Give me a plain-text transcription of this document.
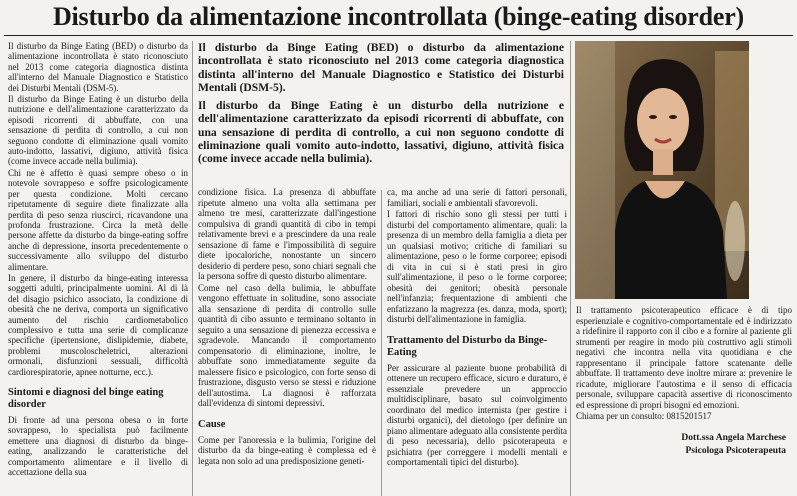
Disturbo da alimentazione incontrollata (binge-eating disorder)

Il disturbo da Binge Eating (BED) o disturbo da alimentazione incontrollata è stato riconosciuto nel 2013 come categoria diagnostica distinta all'interno del Manuale Diagnostico e Statistico dei Disturbi Mentali (DSM-5).

Il disturbo da Binge Eating è un disturbo della nutrizione e dell'alimentazione caratterizzato da episodi ricorrenti di abbuffate, con una sensazione di perdita di controllo, a cui non seguono condotte di eliminazione quali vomito auto-indotto, lassativi, digiuno, attività fisica (come invece accade nella bulimia).

Chi ne è affetto è quasi sempre obeso o in notevole sovrappeso e soffre psicologicamente per questa condizione. Molti cercano ripetutamente di seguire diete finalizzate alla perdita di peso senza riuscirci, ricavandone una profonda frustrazione. Circa la metà delle persone affette da disturbo da binge-eating soffre anche di depressione, insorta precedentemente o successivamente allo sviluppo del disturbo alimentare.

In genere, il disturbo da binge-eating interessa soggetti adulti, principalmente uomini. Al di là del disagio psichico associato, la condizione di obesità che ne deriva, comporta un significativo aumento del rischio cardiometabolico complessivo e tutta una serie di complicanze specifiche (ipertensione, dislipidemie, diabete, problemi muscoloscheletrici, alterazioni ormonali, disfunzioni sessuali, difficoltà cardiorespiratorie, apnee notturne, ecc.).

Sintomi e diagnosi del binge eating disorder

Di fronte ad una persona obesa o in forte sovrappeso, lo specialista può facilmente emettere una diagnosi di disturbo da binge-eating, analizzando le caratteristiche del comportamento alimentare e il livello di accettazione della sua

Il disturbo da Binge Eating (BED) o disturbo da alimentazione incontrollata è stato riconosciuto nel 2013 come categoria diagnostica distinta all'interno del Manuale Diagnostico e Statistico dei Disturbi Mentali (DSM-5).

Il disturbo da Binge Eating è un disturbo della nutrizione e dell'alimentazione caratterizzato da episodi ricorrenti di abbuffate, con una sensazione di perdita di controllo, a cui non seguono condotte di eliminazione quali vomito auto-indotto, lassativi, digiuno, attività fisica (come invece accade nella bulimia).

condizione fisica. La presenza di abbuffate ripetute almeno una volta alla settimana per almeno tre mesi, caratterizzate dall'ingestione compulsiva di grandi quantità di cibo in tempi relativamente brevi e a prescindere da una reale sensazione di fame e l'impossibilità di seguire diete ipocaloriche, nonostante un sincero desiderio di perdere peso, sono chiari segnali che la persona soffre di questo disturbo alimentare.

Come nel caso della bulimia, le abbuffate vengono effettuate in solitudine, sono associate alla sensazione di perdita di controllo sulle quantità di cibo assunto e terminano soltanto in seguito a una sensazione di pienezza eccessiva e sgradevole. Mancando il comportamento compensatorio di eliminazione, inoltre, le abbuffate sono immediatamente seguite da malessere fisico e psicologico, con forte senso di frustrazione, disgusto verso se stessi e riduzione dell'autostima. La diagnosi è rafforzata dall'evidenza di sintomi depressivi.

Cause

Come per l'anoressia e la bulimia, l'origine del disturbo da da binge-eating è complessa ed è legata non solo ad una predisposizione geneti-

ca, ma anche ad una serie di fattori personali, familiari, sociali e ambientali sfavorevoli.

I fattori di rischio sono gli stessi per tutti i disturbi del comportamento alimentare, quali: la presenza di un membro della famiglia a dieta per un qualsiasi motivo; critiche di familiari su alimentazione, peso o le forme corporee; episodi di vita in cui si è stati presi in giro sull'alimentazione, il peso o le forme corporee; obesità dei genitori; obesità personale nell'infanzia; frequentazione di ambienti che enfatizzano la magrezza (es. danza, moda, sport); disturbi dell'alimentazione in famiglia.

Trattamento del Disturbo da Binge-Eating

Per assicurare al paziente buone probabilità di ottenere un recupero efficace, sicuro e duraturo, è essenziale prevedere un approccio multidisciplinare, basato sul coinvolgimento coordinato del medico internista (per gestire i disturbi organici), del dietologo (per definire un piano alimentare adeguato alla consistente perdita di peso necessaria), dello psicoterapeuta e psichiatra (per correggere i modelli mentali e comportamentali tipici del disturbo).

Il trattamento psicoterapeutico efficace è di tipo esperienziale e cognitivo-comportamentale ed è indirizzato a ridefinire il rapporto con il cibo e a fornire al paziente gli strumenti per reagire in modo più costruttivo agli stimoli negativi che incontra nella vita quotidiana e che rappresentano il principale fattore scatenante delle abbuffate. Il trattamento deve inoltre mirare a: prevenire le ricadute, migliorare l'autostima e il senso di efficacia personale, sviluppare capacità assertive di riconoscimento ed espressione di propri bisogni ed emozioni.

Chiama per un consulto: 0815201517

Dott.ssa Angela Marchese
Psicologa Psicoterapeuta
